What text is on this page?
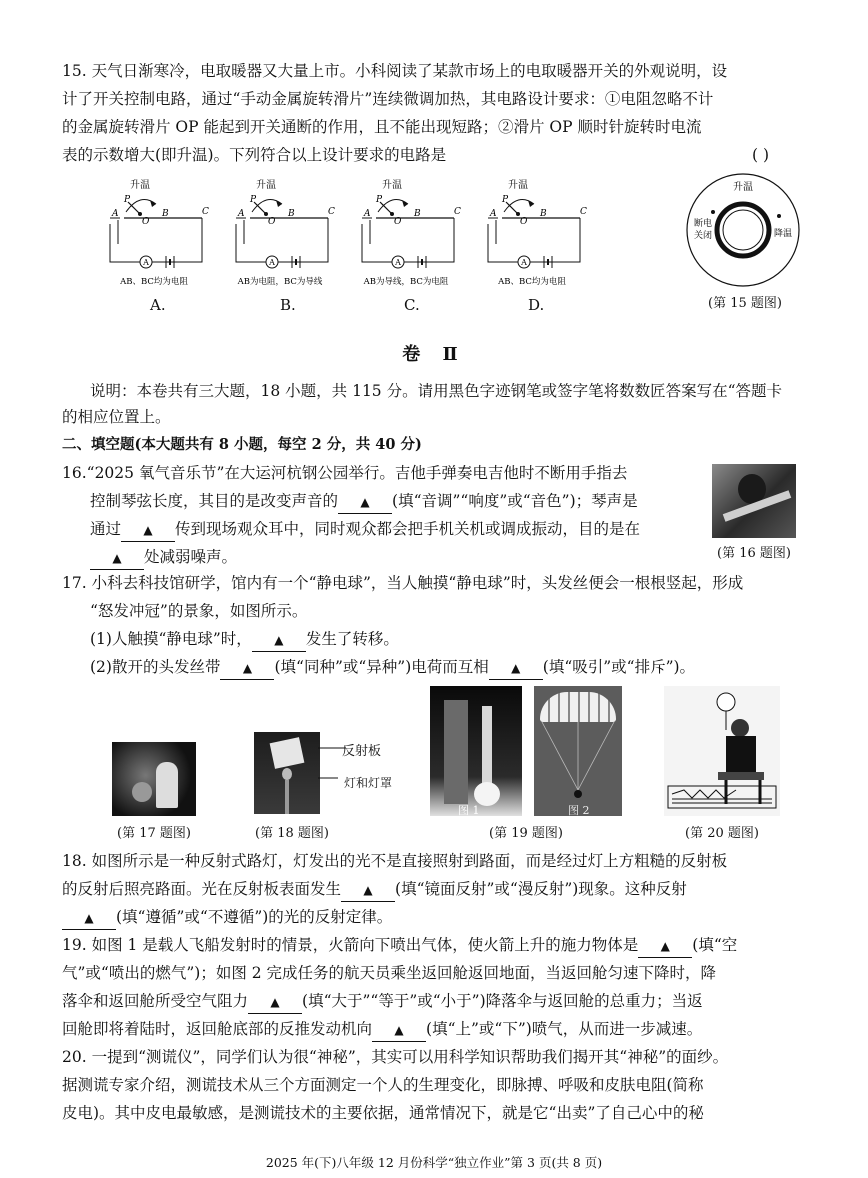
15. 天气日渐寒冷，电取暖器又大量上市。小科阅读了某款市场上的电取暖器开关的外观说明，设
计了开关控制电路，通过“手动金属旋转滑片”连续微调加热，其电路设计要求：①电阻忽略不计
的金属旋转滑片 OP 能起到开关通断的作用，且不能出现短路；②滑片 OP 顺时针旋转时电流
表的示数增大(即升温)。下列符合以上设计要求的电路是	( )
A
升温
A
P
O
B	C
AB、BC均为电阻
A
升温
A
P
O
B	C
AB为电阻，BC为导线
A
升温
A
P
O
B	C
AB为导线，BC为电阻
A
升温
A
P
O
B	C
AB、BC均为电阻
A.	B.	C.	D.
升温
断电
关闭	降温
(第 15 题图)
卷 Ⅱ
说明：本卷共有三大题，18 小题，共 115 分。请用黑色字迹钢笔或签字笔将数数匠答案写在“答题卡
的相应位置上。
二、填空题(本大题共有 8 小题，每空 2 分，共 40 分)
16.“2025 氧气音乐节”在大运河杭钢公园举行。吉他手弹奏电吉他时不断用手指去
控制琴弦长度，其目的是改变声音的 ▲ (填“音调”“响度”或“音色”)；琴声是
通过 ▲ 传到现场观众耳中，同时观众都会把手机关机或调成振动，目的是在
▲ 处减弱噪声。	(第 16 题图)
17. 小科去科技馆研学，馆内有一个“静电球”，当人触摸“静电球”时，头发丝便会一根根竖起，形成
“怒发冲冠”的景象，如图所示。
(1)人触摸“静电球”时， ▲ 发生了转移。
(2)散开的头发丝带 ▲ (填“同种”或“异种”)电荷而互相 ▲ (填“吸引”或“排斥”)。
(第 17 题图)
反射板
灯和灯罩
(第 18 题图)
图 1	图 2
(第 19 题图)	(第 20 题图)
18. 如图所示是一种反射式路灯，灯发出的光不是直接照射到路面，而是经过灯上方粗糙的反射板
的反射后照亮路面。光在反射板表面发生 ▲ (填“镜面反射”或“漫反射”)现象。这种反射
▲ (填“遵循”或“不遵循”)的光的反射定律。
19. 如图 1 是载人飞船发射时的情景，火箭向下喷出气体，使火箭上升的施力物体是 ▲ (填“空
气”或“喷出的燃气”)；如图 2 完成任务的航天员乘坐返回舱返回地面，当返回舱匀速下降时，降
落伞和返回舱所受空气阻力 ▲ (填“大于”“等于”或“小于”)降落伞与返回舱的总重力；当返
回舱即将着陆时，返回舱底部的反推发动机向 ▲ (填“上”或“下”)喷气，从而进一步减速。
20. 一提到“测谎仪”，同学们认为很“神秘”，其实可以用科学知识帮助我们揭开其“神秘”的面纱。
据测谎专家介绍，测谎技术从三个方面测定一个人的生理变化，即脉搏、呼吸和皮肤电阻(简称
皮电)。其中皮电最敏感，是测谎技术的主要依据，通常情况下，就是它“出卖”了自己心中的秘
2025 年(下)八年级 12 月份科学“独立作业”第 3 页(共 8 页)
